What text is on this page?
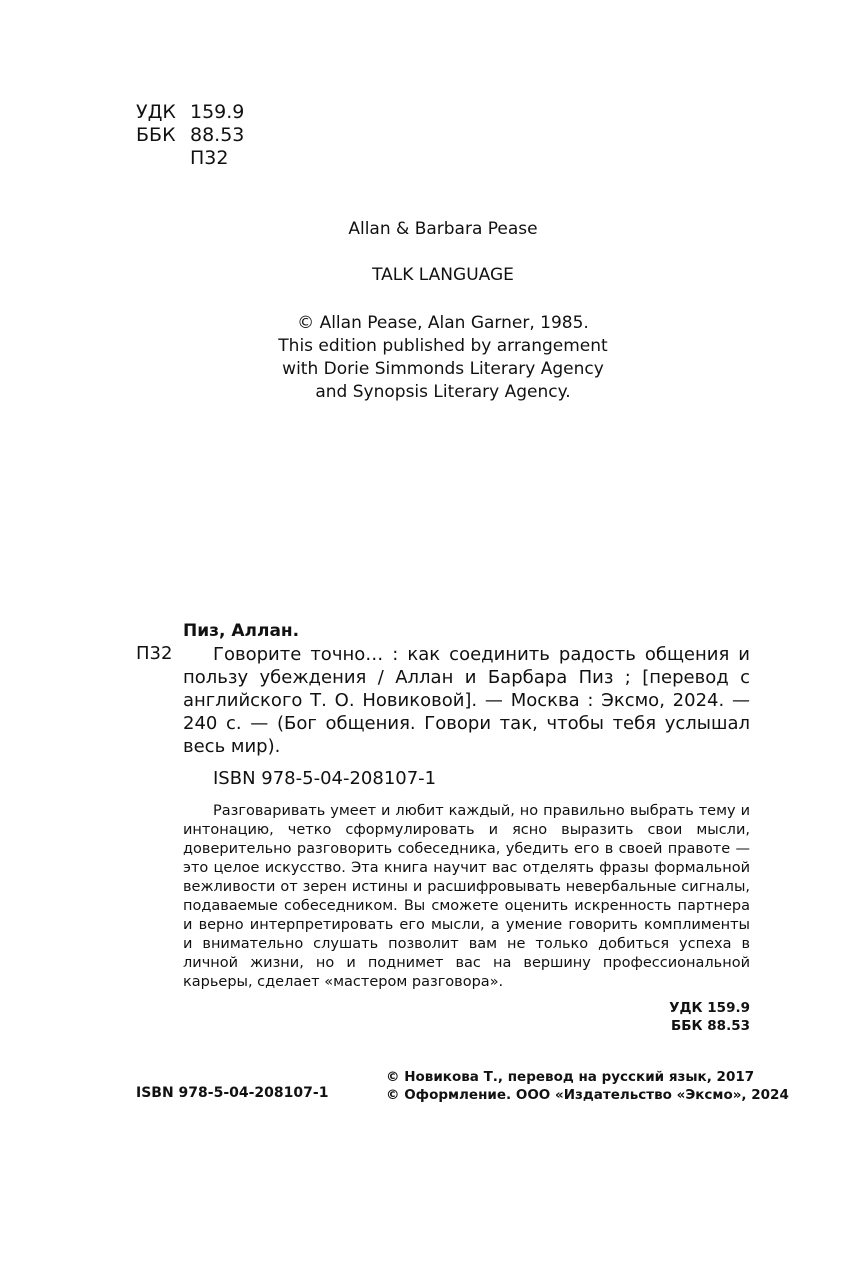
УДК 159.9
ББК 88.53
П32
Allan & Barbara Pease
TALK LANGUAGE
© Allan Pease, Alan Garner, 1985.
This edition published by arrangement
with Dorie Simmonds Literary Agency
and Synopsis Literary Agency.
Пиз, Аллан.
П32	Говорите точно… : как соединить радость общения и пользу убеждения / Аллан и Барбара Пиз ; [перевод с английского Т. О. Новиковой]. — Москва : Эксмо, 2024. — 240 с. — (Бог общения. Говори так, чтобы тебя услышал весь мир).
ISBN 978-5-04-208107-1
Разговаривать умеет и любит каждый, но правильно выбрать тему и интонацию, четко сформулировать и ясно выразить свои мысли, доверительно разговорить собеседника, убедить его в своей правоте — это целое искусство. Эта книга научит вас отделять фразы формальной вежливости от зерен истины и расшифровывать невербальные сигналы, подаваемые собеседником. Вы сможете оценить искренность партнера и верно интерпретировать его мысли, а умение говорить комплименты и внимательно слушать позволит вам не только добиться успеха в личной жизни, но и поднимет вас на вершину профессиональной карьеры, сделает «мастером разговора».
УДК 159.9
ББК 88.53
© Новикова Т., перевод на русский язык, 2017
© Оформление. ООО «Издательство «Эксмо», 2024
ISBN 978-5-04-208107-1
